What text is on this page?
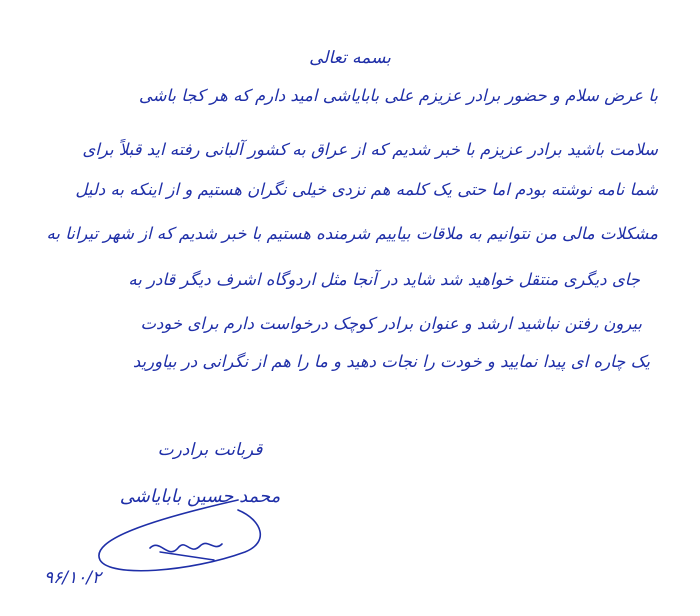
بسمه تعالی
با عرض سلام و حضور برادر عزیزم علی بابایاشی امید دارم که هر کجا باشی
سلامت باشید برادر عزیزم با خبر شدیم که از عراق به کشور آلبانی رفته اید قبلاً برای
شما نامه نوشته بودم اما حتی یک کلمه هم نزدی خیلی نگران هستیم و از اینکه به دلیل
مشکلات مالی من نتوانیم به ملاقات بیاییم شرمنده هستیم با خبر شدیم که از شهر تیرانا به
جای دیگری منتقل خواهید شد شاید در آنجا مثل اردوگاه اشرف دیگر قادر به
بیرون رفتن نباشید ارشد و عنوان برادر کوچک درخواست دارم برای خودت
یک چاره ای پیدا نمایید و خودت را نجات دهید و ما را هم از نگرانی در بیاورید
قربانت برادرت
محمد حسین بابایاشی
۹۶/۱۰/۲
